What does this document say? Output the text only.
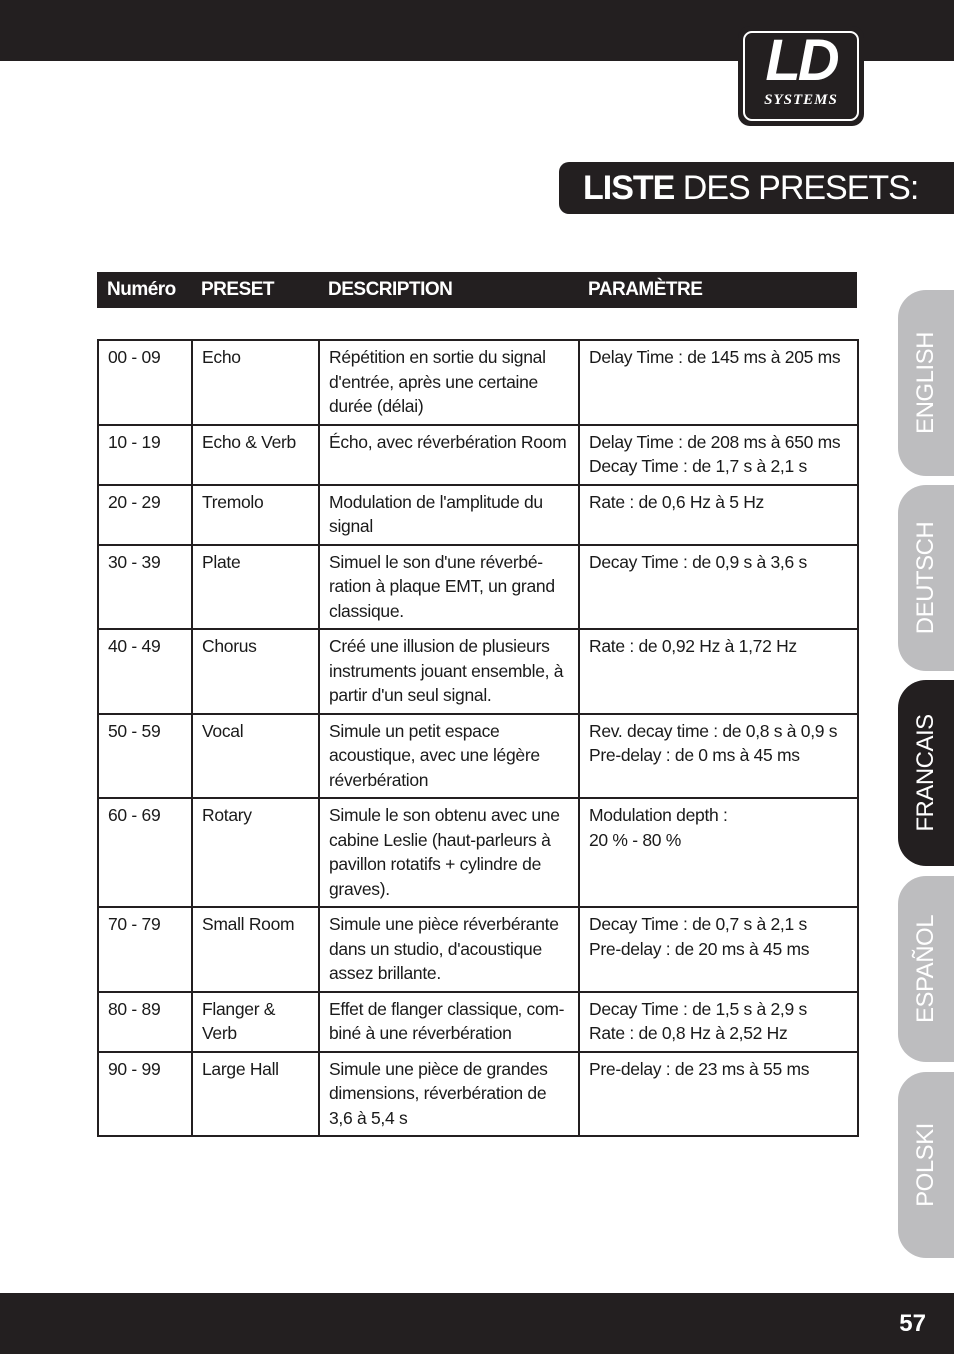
LD
SYSTEMS
LISTE DES PRESETS:
Numéro PRESET	DESCRIPTION	PARAMÈTRE
00 - 09	Echo	Répétition en sortie du signal
d'entrée, après une certaine
durée (délai)	Delay Time : de 145 ms à 205 ms

10 - 19	Echo & Verb	Écho, avec réverbération Room	Delay Time : de 208 ms à 650 ms
Decay Time : de 1,7 s à 2,1 s

20 - 29	Tremolo	Modulation de l'amplitude du
signal	Rate : de 0,6 Hz à 5 Hz

30 - 39	Plate	Simuel le son d'une réverbé-
ration à plaque EMT, un grand
classique.	Decay Time : de 0,9 s à 3,6 s

40 - 49	Chorus	Créé une illusion de plusieurs
instruments jouant ensemble, à
partir d'un seul signal.	Rate : de 0,92 Hz à 1,72 Hz

50 - 59	Vocal	Simule un petit espace
acoustique, avec une légère
réverbération	Rev. decay time : de 0,8 s à 0,9 s
Pre-delay : de 0 ms à 45 ms

60 - 69	Rotary	Simule le son obtenu avec une
cabine Leslie (haut-parleurs à
pavillon rotatifs + cylindre de
graves).	Modulation depth :
20 % - 80 %

70 - 79	Small Room	Simule une pièce réverbérante
dans un studio, d'acoustique
assez brillante.	Decay Time : de 0,7 s à 2,1 s
Pre-delay : de 20 ms à 45 ms

80 - 89	Flanger &
Verb	Effet de flanger classique, com-
biné à une réverbération	Decay Time : de 1,5 s à 2,9 s
Rate : de 0,8 Hz à 2,52 Hz

90 - 99	Large Hall	Simule une pièce de grandes
dimensions, réverbération de
3,6 à 5,4 s	Pre-delay : de 23 ms à 55 ms
ENGLISH
DEUTSCH
FRANCAIS
ESPAÑOL
POLSKI
57
